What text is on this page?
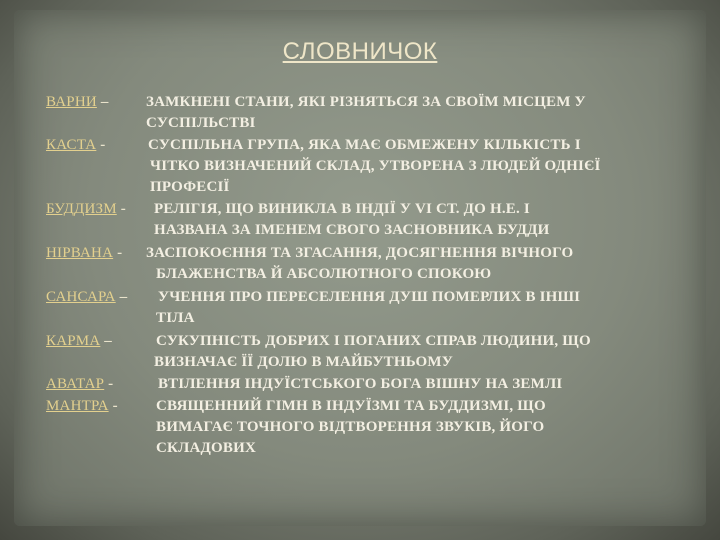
СЛОВНИЧОК
ВАРНИ – ЗАМКНЕНІ СТАНИ, ЯКІ РІЗНЯТЬСЯ ЗА СВОЇМ МІСЦЕМ У
СУСПІЛЬСТВІ
КАСТА -	СУСПІЛЬНА ГРУПА, ЯКА МАЄ ОБМЕЖЕНУ КІЛЬКІСТЬ І
ЧІТКО ВИЗНАЧЕНИЙ СКЛАД, УТВОРЕНА З ЛЮДЕЙ ОДНІЄЇ
ПРОФЕСІЇ
БУДДИЗМ - РЕЛІГІЯ, ЩО ВИНИКЛА В ІНДІЇ У VI СТ. ДО Н.Е. І
НАЗВАНА ЗА ІМЕНЕМ СВОГО ЗАСНОВНИКА БУДДИ
НІРВАНА - ЗАСПОКОЄННЯ ТА ЗГАСАННЯ, ДОСЯГНЕННЯ ВІЧНОГО
БЛАЖЕНСТВА Й АБСОЛЮТНОГО СПОКОЮ
САНСАРА – УЧЕННЯ ПРО ПЕРЕСЕЛЕННЯ ДУШ ПОМЕРЛИХ В ІНШІ
ТІЛА
КАРМА –	СУКУПНІСТЬ ДОБРИХ І ПОГАНИХ СПРАВ ЛЮДИНИ, ЩО
ВИЗНАЧАЄ ЇЇ ДОЛЮ В МАЙБУТНЬОМУ
АВАТАР -	ВТІЛЕННЯ ІНДУЇСТСЬКОГО БОГА ВІШНУ НА ЗЕМЛІ
МАНТРА -	СВЯЩЕННИЙ ГІМН В ІНДУЇЗМІ ТА БУДДИЗМІ, ЩО
ВИМАГАЄ ТОЧНОГО ВІДТВОРЕННЯ ЗВУКІВ, ЙОГО
СКЛАДОВИХ
